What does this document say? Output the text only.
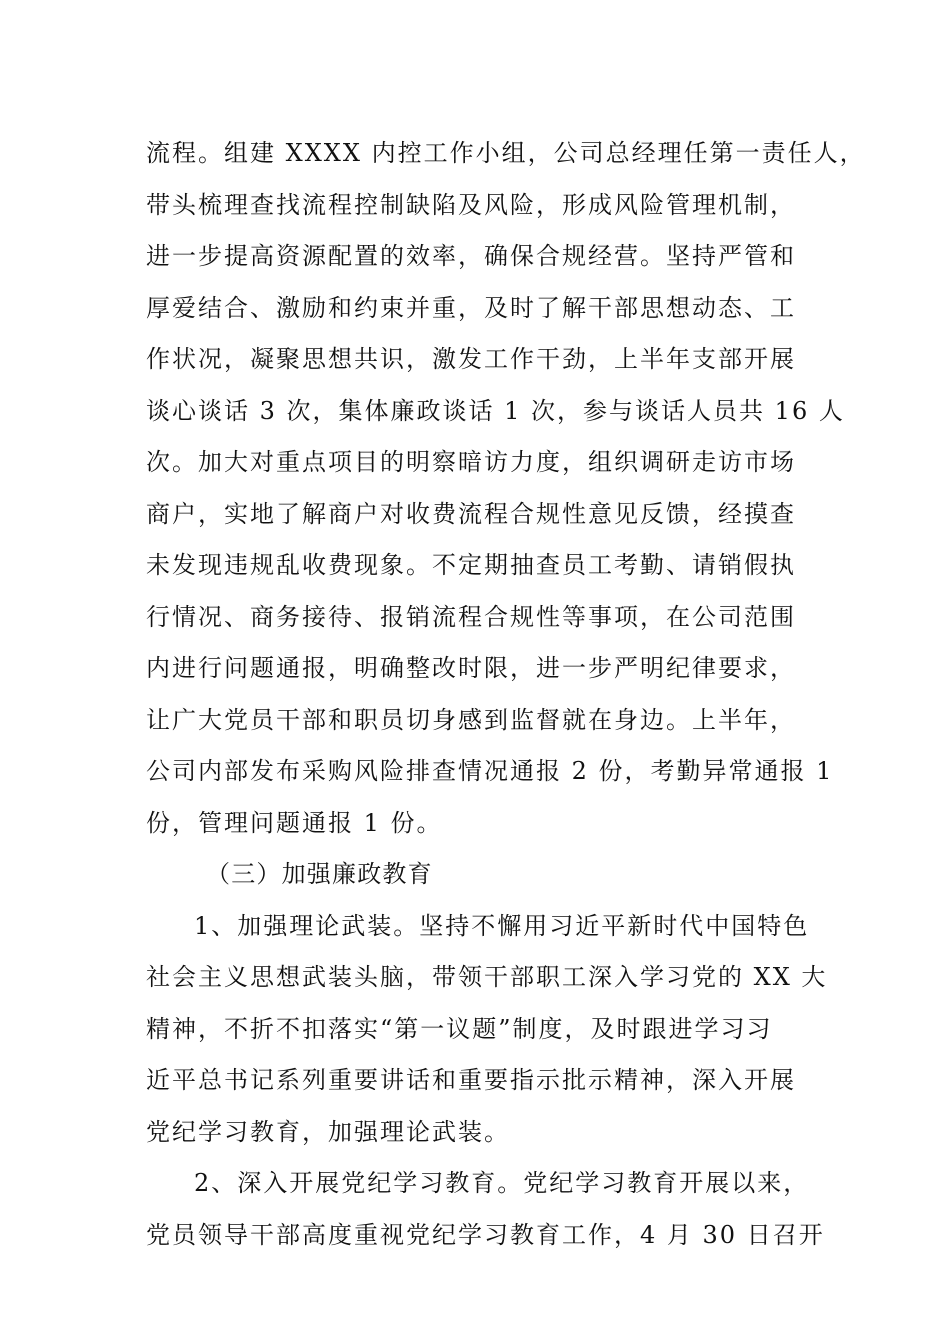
流程。组建 XXXX 内控工作小组，公司总经理任第一责任人，
带头梳理查找流程控制缺陷及风险，形成风险管理机制，
进一步提高资源配置的效率，确保合规经营。坚持严管和
厚爱结合、激励和约束并重，及时了解干部思想动态、工
作状况，凝聚思想共识，激发工作干劲，上半年支部开展
谈心谈话 3 次，集体廉政谈话 1 次，参与谈话人员共 16 人
次。加大对重点项目的明察暗访力度，组织调研走访市场
商户，实地了解商户对收费流程合规性意见反馈，经摸查
未发现违规乱收费现象。不定期抽查员工考勤、请销假执
行情况、商务接待、报销流程合规性等事项，在公司范围
内进行问题通报，明确整改时限，进一步严明纪律要求，
让广大党员干部和职员切身感到监督就在身边。上半年，
公司内部发布采购风险排查情况通报 2 份，考勤异常通报 1
份，管理问题通报 1 份。
（三）加强廉政教育
1、加强理论武装。坚持不懈用习近平新时代中国特色
社会主义思想武装头脑，带领干部职工深入学习党的 XX 大
精神，不折不扣落实“第一议题”制度，及时跟进学习习
近平总书记系列重要讲话和重要指示批示精神，深入开展
党纪学习教育，加强理论武装。
2、深入开展党纪学习教育。党纪学习教育开展以来，
党员领导干部高度重视党纪学习教育工作，4 月 30 日召开
